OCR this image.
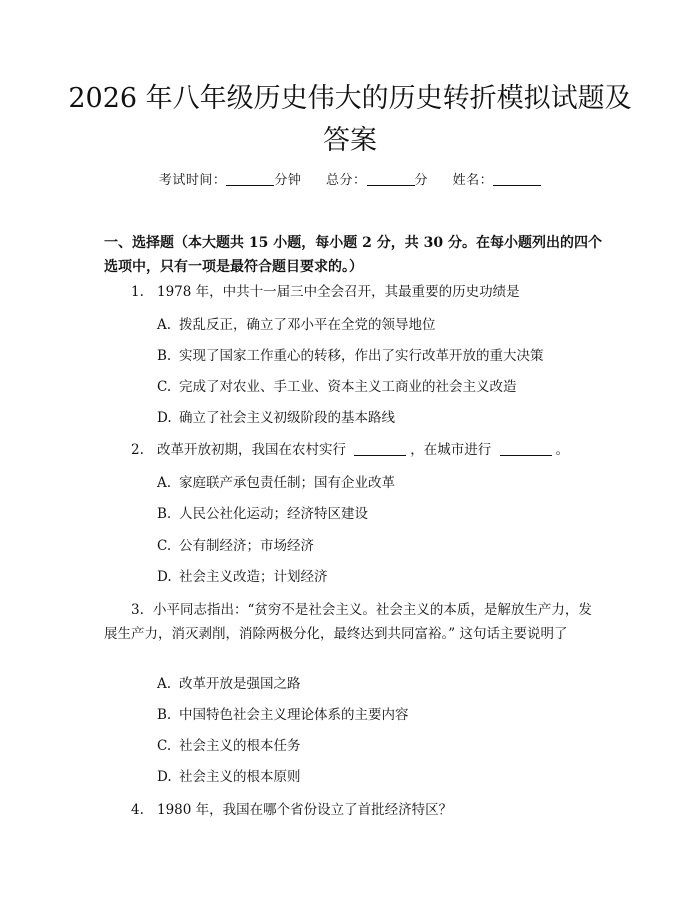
2026 年八年级历史伟大的历史转折模拟试题及答案
考试时间：	分钟 总分：	分 姓名：
一、选择题（本大题共 15 小题，每小题 2 分，共 30 分。在每小题列出的四个选项中，只有一项是最符合题目要求的。）
1. 1978 年，中共十一届三中全会召开，其最重要的历史功绩是
A. 拨乱反正，确立了邓小平在全党的领导地位
B. 实现了国家工作重心的转移，作出了实行改革开放的重大决策
C. 完成了对农业、手工业、资本主义工商业的社会主义改造
D. 确立了社会主义初级阶段的基本路线
2. 改革开放初期，我国在农村实行	，在城市进行	。
A. 家庭联产承包责任制；国有企业改革
B. 人民公社化运动；经济特区建设
C. 公有制经济；市场经济
D. 社会主义改造；计划经济
3. 小平同志指出：“贫穷不是社会主义。社会主义的本质，是解放生产力，发展生产力，消灭剥削，消除两极分化，最终达到共同富裕。” 这句话主要说明了
A. 改革开放是强国之路
B. 中国特色社会主义理论体系的主要内容
C. 社会主义的根本任务
D. 社会主义的根本原则
4. 1980 年，我国在哪个省份设立了首批经济特区？
